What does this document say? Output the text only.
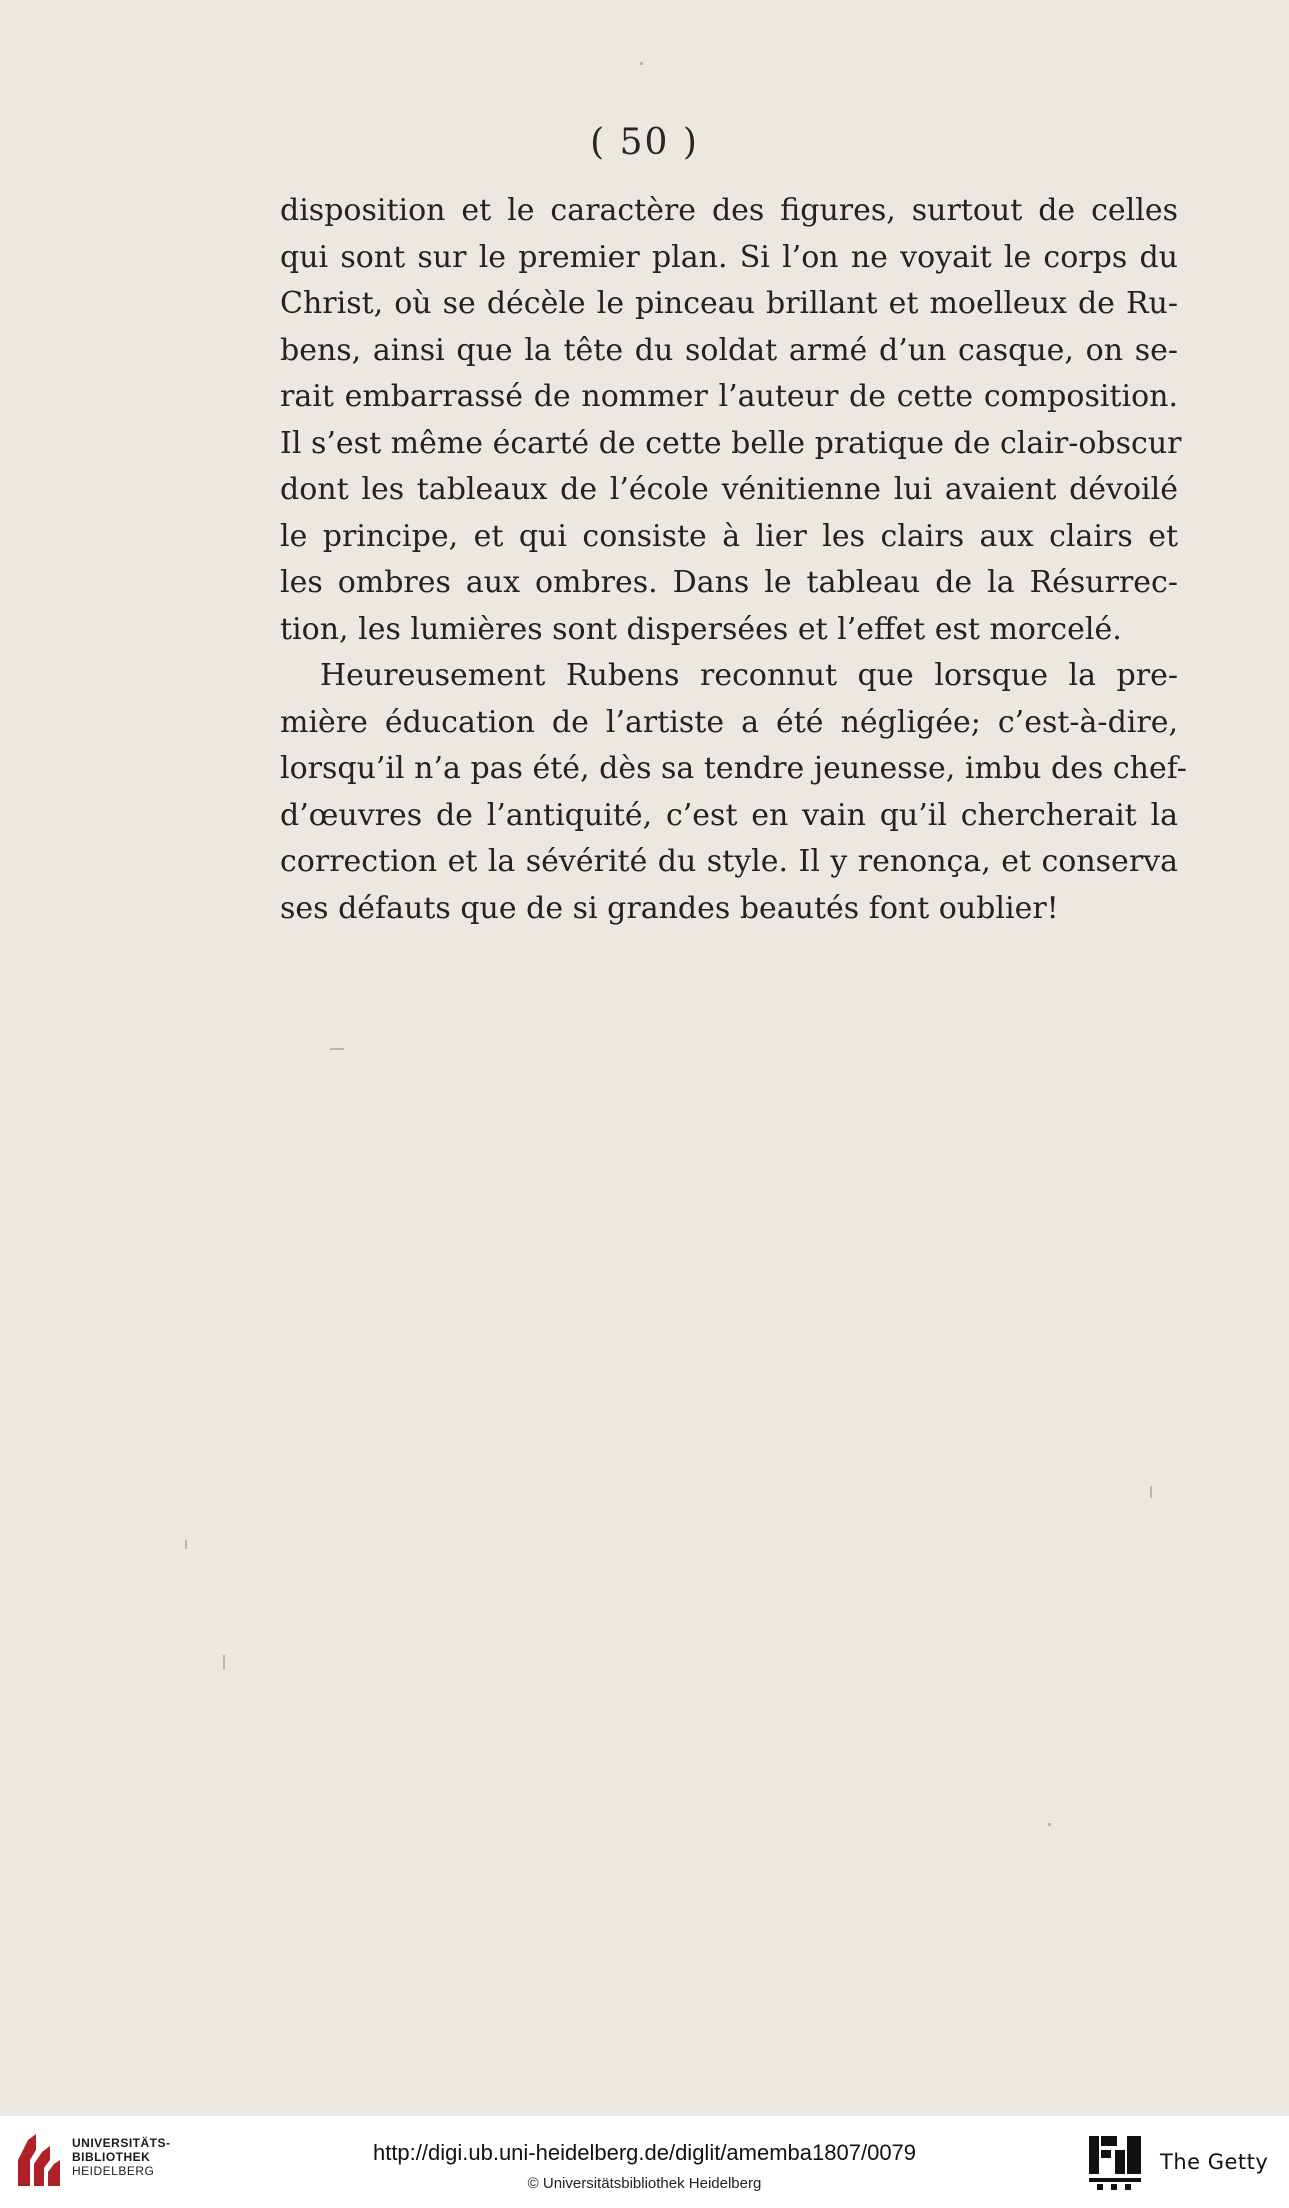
( 50 )
disposition et le caractère des figures, surtout de celles
qui sont sur le premier plan. Si l’on ne voyait le corps du
Christ, où se décèle le pinceau brillant et moelleux de Ru-
bens, ainsi que la tête du soldat armé d’un casque, on se-
rait embarrassé de nommer l’auteur de cette composition.
Il s’est même écarté de cette belle pratique de clair-obscur
dont les tableaux de l’école vénitienne lui avaient dévoilé
le principe, et qui consiste à lier les clairs aux clairs et
les ombres aux ombres. Dans le tableau de la Résurrec-
tion, les lumières sont dispersées et l’effet est morcelé.
Heureusement Rubens reconnut que lorsque la pre-
mière éducation de l’artiste a été négligée; c’est-à-dire,
lorsqu’il n’a pas été, dès sa tendre jeunesse, imbu des chef-
d’œuvres de l’antiquité, c’est en vain qu’il chercherait la
correction et la sévérité du style. Il y renonça, et conserva
ses défauts que de si grandes beautés font oublier!
UNIVERSITÄTS-
BIBLIOTHEK
HEIDELBERG
http://digi.ub.uni-heidelberg.de/diglit/amemba1807/0079
© Universitätsbibliothek Heidelberg
The Getty
